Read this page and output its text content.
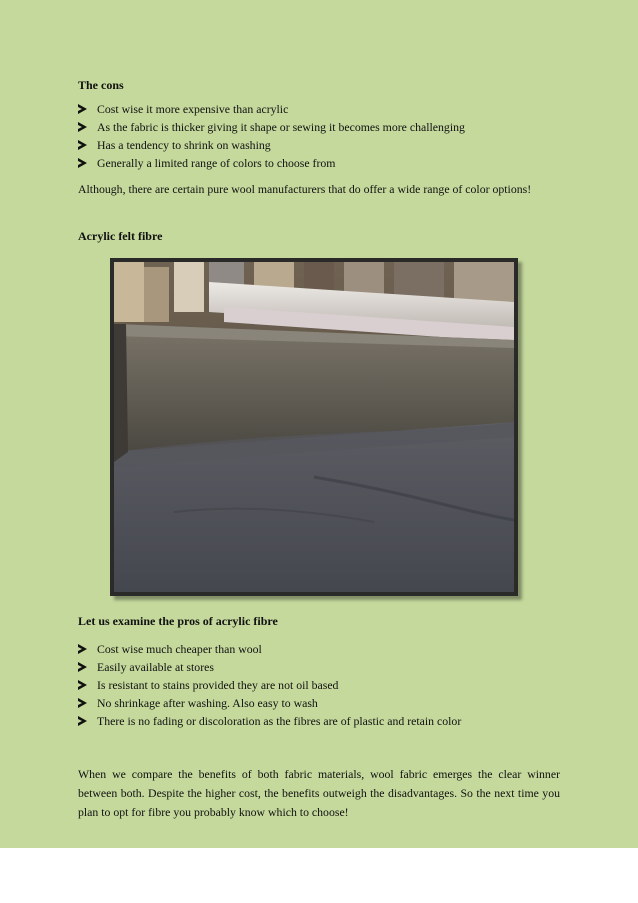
The cons
Cost wise it more expensive than acrylic
As the fabric is thicker giving it shape or sewing it becomes more challenging
Has a tendency to shrink on washing
Generally a limited range of colors to choose from
Although, there are certain pure wool manufacturers that do offer a wide range of color options!
Acrylic felt fibre
Let us examine the pros of acrylic fibre
Cost wise much cheaper than wool
Easily available at stores
Is resistant to stains provided they are not oil based
No shrinkage after washing. Also easy to wash
There is no fading or discoloration as the fibres are of plastic and retain color
When we compare the benefits of both fabric materials, wool fabric emerges the clear winner between both. Despite the higher cost, the benefits outweigh the disadvantages. So the next time you plan to opt for fibre you probably know which to choose!
